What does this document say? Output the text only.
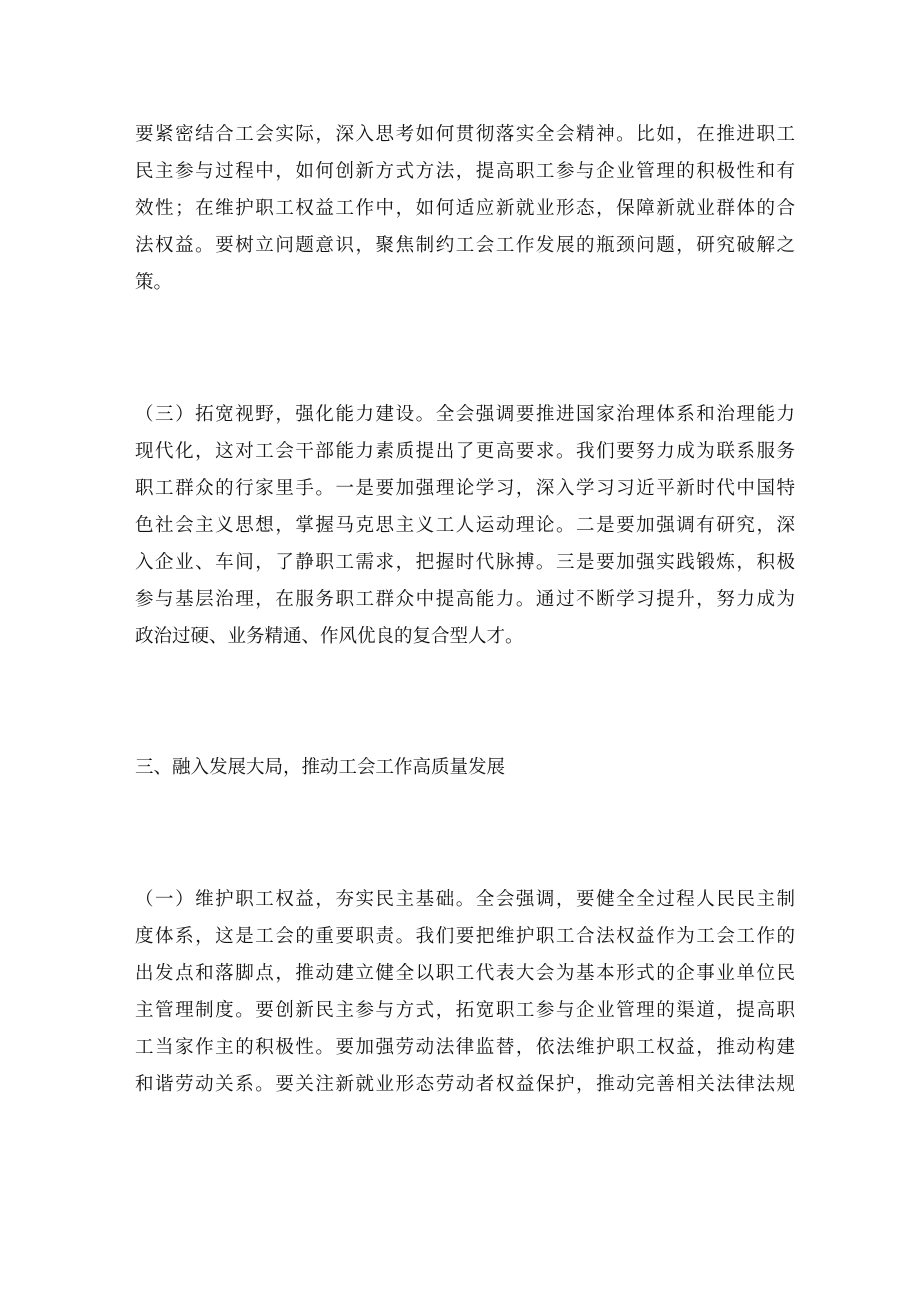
要紧密结合工会实际，深入思考如何贯彻落实全会精神。比如，在推进职工
民主参与过程中，如何创新方式方法，提高职工参与企业管理的积极性和有
效性；在维护职工权益工作中，如何适应新就业形态，保障新就业群体的合
法权益。要树立问题意识，聚焦制约工会工作发展的瓶颈问题，研究破解之
策。
（三）拓宽视野，强化能力建设。全会强调要推进国家治理体系和治理能力
现代化，这对工会干部能力素质提出了更高要求。我们要努力成为联系服务
职工群众的行家里手。一是要加强理论学习，深入学习习近平新时代中国特
色社会主义思想，掌握马克思主义工人运动理论。二是要加强调有研究，深
入企业、车间，了静职工需求，把握时代脉搏。三是要加强实践锻炼，积极
参与基层治理，在服务职工群众中提高能力。通过不断学习提升，努力成为
政治过硬、业务精通、作风优良的复合型人才。
三、融入发展大局，推动工会工作高质量发展
（一）维护职工权益，夯实民主基础。全会强调，要健全全过程人民民主制
度体系，这是工会的重要职责。我们要把维护职工合法权益作为工会工作的
出发点和落脚点，推动建立健全以职工代表大会为基本形式的企事业单位民
主管理制度。要创新民主参与方式，拓宽职工参与企业管理的渠道，提高职
工当家作主的积极性。要加强劳动法律监替，依法维护职工权益，推动构建
和谐劳动关系。要关注新就业形态劳动者权益保护，推动完善相关法律法规
